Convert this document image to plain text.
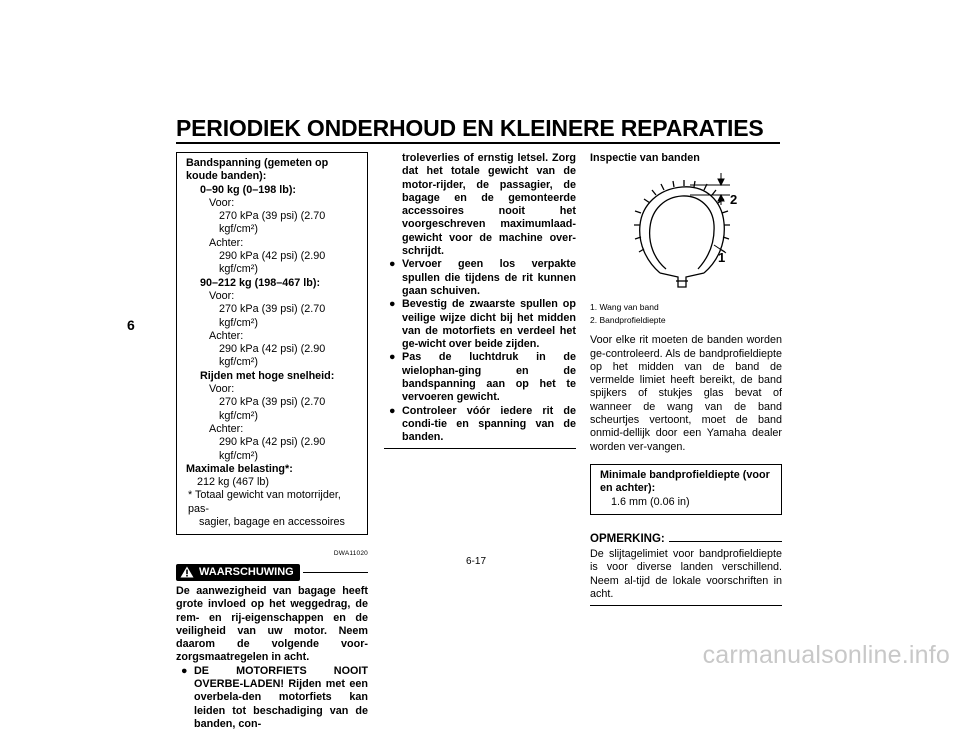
PERIODIEK ONDERHOUD EN KLEINERE REPARATIES
6
Bandspanning (gemeten op koude banden):
0–90 kg (0–198 lb):
Voor:
270 kPa (39 psi) (2.70 kgf/cm²)
Achter:
290 kPa (42 psi) (2.90 kgf/cm²)
90–212 kg (198–467 lb):
Voor:
270 kPa (39 psi) (2.70 kgf/cm²)
Achter:
290 kPa (42 psi) (2.90 kgf/cm²)
Rijden met hoge snelheid:
Voor:
270 kPa (39 psi) (2.70 kgf/cm²)
Achter:
290 kPa (42 psi) (2.90 kgf/cm²)
Maximale belasting*:
212 kg (467 lb)
* Totaal gewicht van motorrijder, pas-
sagier, bagage en accessoires
DWA11020
WAARSCHUWING
De aanwezigheid van bagage heeft grote invloed op het weggedrag, de rem- en rij-eigenschappen en de veiligheid van uw motor. Neem daarom de volgende voor-zorgsmaatregelen in acht.
● DE MOTORFIETS NOOIT OVERBE-LADEN! Rijden met een overbela-den motorfiets kan leiden tot beschadiging van de banden, con-
troleverlies of ernstig letsel. Zorg dat het totale gewicht van de motor-rijder, de passagier, de bagage en de gemonteerde accessoires nooit het voorgeschreven maximumlaad-gewicht voor de machine over-schrijdt.
● Vervoer geen los verpakte spullen die tijdens de rit kunnen gaan schuiven.
● Bevestig de zwaarste spullen op veilige wijze dicht bij het midden van de motorfiets en verdeel het ge-wicht over beide zijden.
● Pas de luchtdruk in de wielophan-ging en de bandspanning aan op het te vervoeren gewicht.
● Controleer vóór iedere rit de condi-tie en spanning van de banden.
Inspectie van banden
2
1
1. Wang van band
2. Bandprofieldiepte
Voor elke rit moeten de banden worden ge-controleerd. Als de bandprofieldiepte op het midden van de band de vermelde limiet heeft bereikt, de band spijkers of stukjes glas bevat of wanneer de wang van de band scheurtjes vertoont, moet de band onmid-dellijk door een Yamaha dealer worden ver-vangen.
Minimale bandprofieldiepte (voor en achter):
1.6 mm (0.06 in)
OPMERKING:
De slijtagelimiet voor bandprofieldiepte is voor diverse landen verschillend. Neem al-tijd de lokale voorschriften in acht.
6-17
carmanualsonline.info
